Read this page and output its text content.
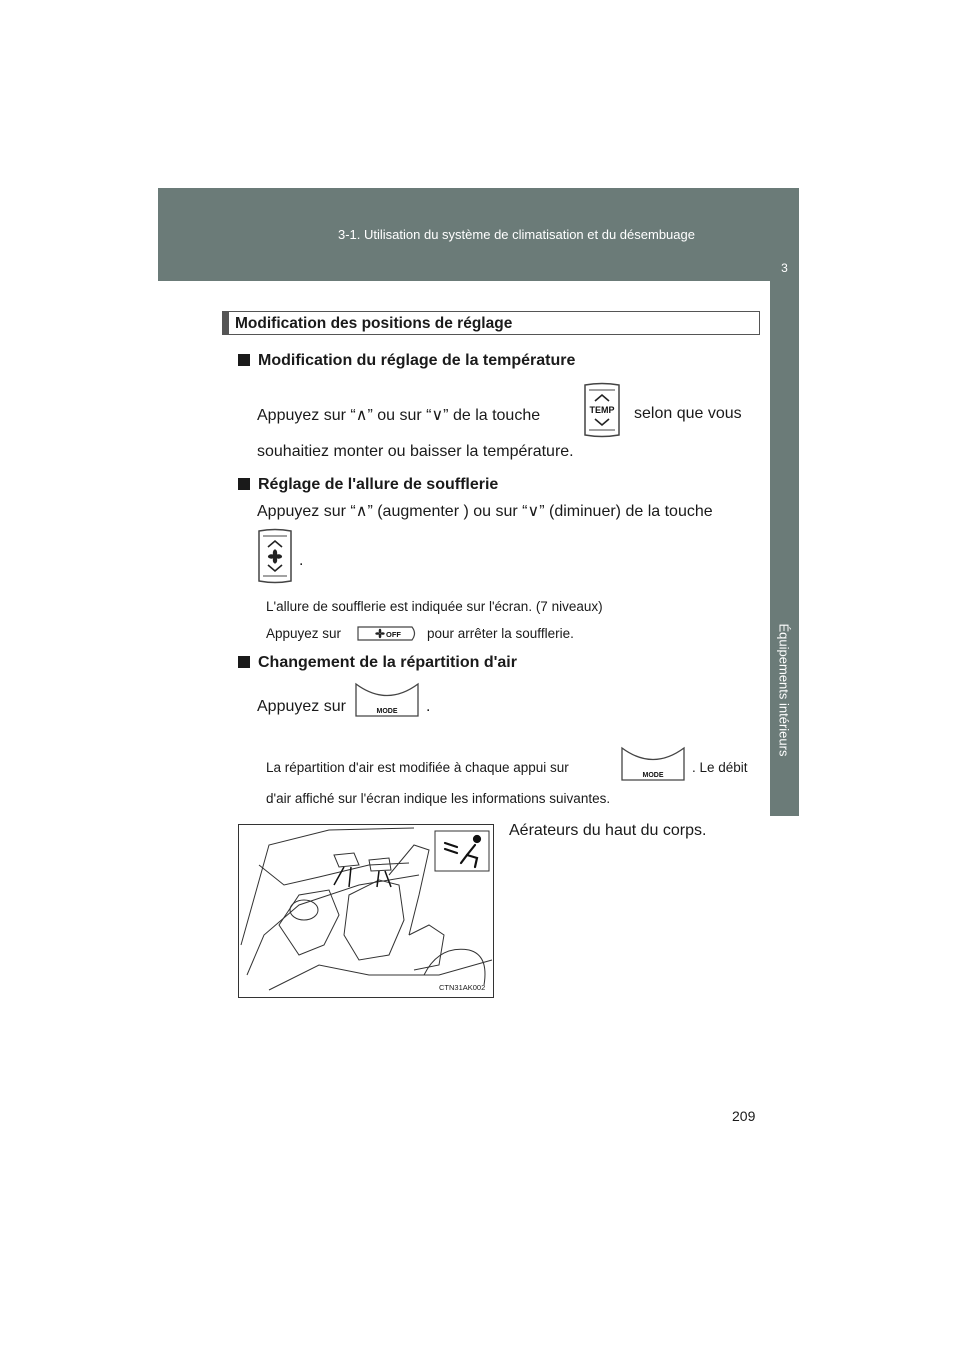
3-1. Utilisation du système de climatisation et du désembuage
3
Équipements intérieurs
Modification des positions de réglage
Modification du réglage de la température
Appuyez sur “∧” ou sur “∨” de la touche	TEMP selon que vous
souhaitiez monter ou baisser la température.
Réglage de l'allure de soufflerie
Appuyez sur “∧” (augmenter ) ou sur “∨” (diminuer) de la touche
.
L'allure de soufflerie est indiquée sur l'écran. (7 niveaux)
Appuyez sur	OFF pour arrêter la soufflerie.
Changement de la répartition d'air
Appuyez sur	MODE .
La répartition d'air est modifiée à chaque appui sur
MODE
. Le débit
d'air affiché sur l'écran indique les informations suivantes.
CTN31AK002
Aérateurs du haut du corps.
209
